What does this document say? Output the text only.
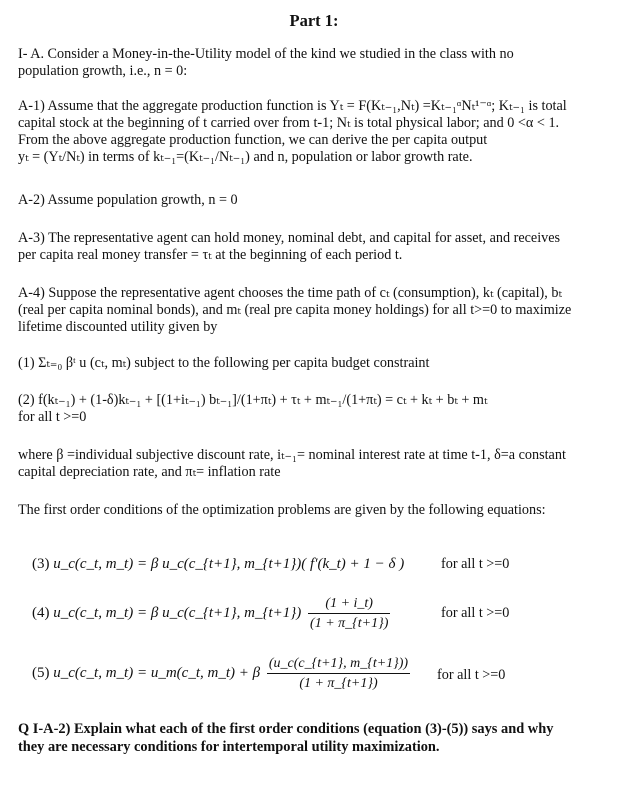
Part 1:
I- A. Consider a Money-in-the-Utility model of the kind we studied in the class with no
population growth, i.e., n = 0:
A-1) Assume that the aggregate production function is Yₜ = F(Kₜ₋₁,Nₜ) =Kₜ₋₁ᵅNₜ¹⁻ᵅ; Kₜ₋₁ is total
capital stock at the beginning of t carried over from t-1; Nₜ is total physical labor; and 0 <α < 1.
From the above aggregate production function, we can derive the per capita output
yₜ = (Yₜ/Nₜ) in terms of kₜ₋₁=(Kₜ₋₁/Nₜ₋₁) and n, population or labor growth rate.
A-2) Assume population growth, n = 0
A-3) The representative agent can hold money, nominal debt, and capital for asset, and receives
per capita real money transfer = τₜ at the beginning of each period t.
A-4) Suppose the representative agent chooses the time path of cₜ (consumption), kₜ (capital), bₜ
(real per capita nominal bonds), and mₜ (real pre capita money holdings) for all t>=0 to maximize
lifetime discounted utility given by
(1) Σₜ₌₀ βᵗ u (cₜ, mₜ) subject to the following per capita budget constraint
(2) f(kₜ₋₁) + (1-δ)kₜ₋₁ + [(1+iₜ₋₁) bₜ₋₁]/(1+πₜ) + τₜ + mₜ₋₁/(1+πₜ) = cₜ + kₜ + bₜ + mₜ
for all t >=0
where β =individual subjective discount rate, iₜ₋₁= nominal interest rate at time t-1, δ=a constant
capital depreciation rate, and πₜ= inflation rate
The first order conditions of the optimization problems are given by the following equations:
(3) u_c(c_t, m_t) = β u_c(c_{t+1}, m_{t+1})( f′(k_t) + 1 − δ )	for all t >=0
(4) u_c(c_t, m_t) = β u_c(c_{t+1}, m_{t+1}) $\frac{(1 + i\_t)}{(1 + \pi\_\{t+1\})}$	for all t >=0
(5) u_c(c_t, m_t) = u_m(c_t, m_t) + β $\frac{(u\_c(c\_\{t+1\}, m\_\{t+1\}))}{(1 + \pi\_\{t+1\})}$ for all t >=0
Q I-A-2) Explain what each of the first order conditions (equation (3)-(5)) says and why
they are necessary conditions for intertemporal utility maximization.
